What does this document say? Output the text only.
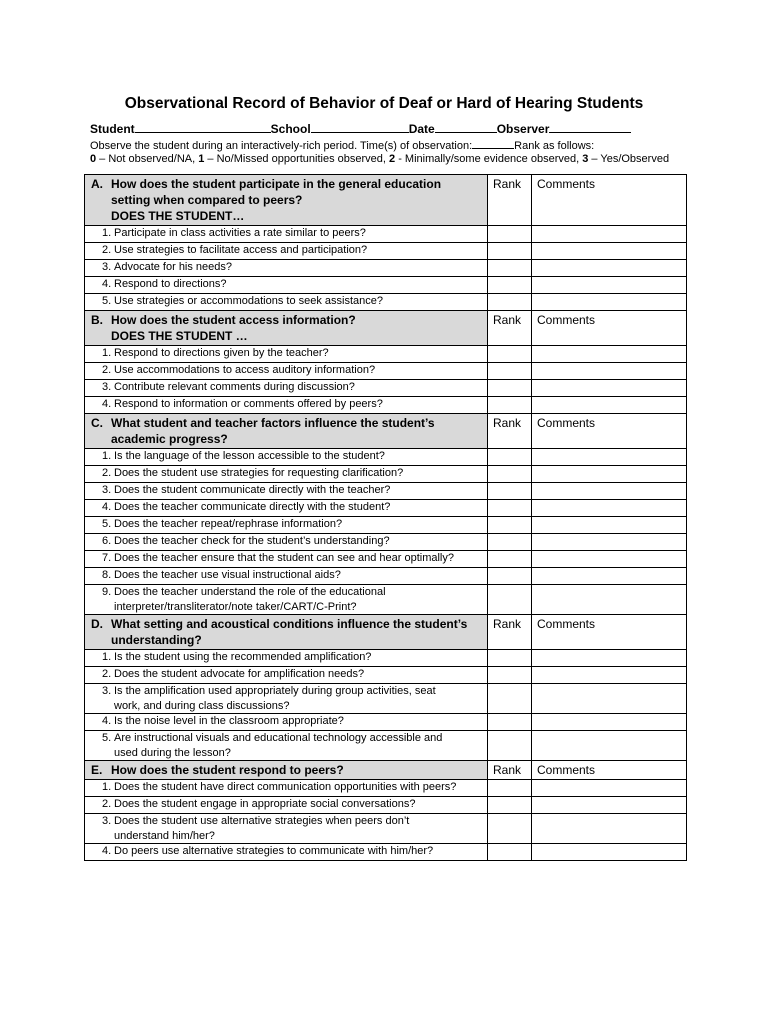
Observational Record of Behavior of Deaf or Hard of Hearing Students
Student	School	Date	Observer
Observe the student during an interactively-rich period. Time(s) of observation:	Rank as follows:
0 – Not observed/NA, 1 – No/Missed opportunities observed, 2 - Minimally/some evidence observed, 3 – Yes/Observed
A. How does the student participate in the general education
setting when compared to peers?
DOES THE STUDENT…	Rank	Comments
1. Participate in class activities a rate similar to peers?		
2. Use strategies to facilitate access and participation?		
3. Advocate for his needs?		
4. Respond to directions?		
5. Use strategies or accommodations to seek assistance?		

B. How does the student access information?
DOES THE STUDENT …	Rank	Comments
1. Respond to directions given by the teacher?		
2. Use accommodations to access auditory information?		
3. Contribute relevant comments during discussion?		
4. Respond to information or comments offered by peers?		

C. What student and teacher factors influence the student’s
academic progress?	Rank	Comments
1. Is the language of the lesson accessible to the student?		
2. Does the student use strategies for requesting clarification?		
3. Does the student communicate directly with the teacher?		
4. Does the teacher communicate directly with the student?		
5. Does the teacher repeat/rephrase information?		
6. Does the teacher check for the student’s understanding?		
7. Does the teacher ensure that the student can see and hear optimally?		
8. Does the teacher use visual instructional aids?		
9. Does the teacher understand the role of the educational
interpreter/transliterator/note taker/CART/C-Print?		

D. What setting and acoustical conditions influence the student’s
understanding?	Rank	Comments
1. Is the student using the recommended amplification?		
2. Does the student advocate for amplification needs?		
3. Is the amplification used appropriately during group activities, seat
work, and during class discussions?		

4. Is the noise level in the classroom appropriate?		
5. Are instructional visuals and educational technology accessible and
used during the lesson?		

E. How does the student respond to peers?	Rank	Comments
1. Does the student have direct communication opportunities with peers?		
2. Does the student engage in appropriate social conversations?		
3. Does the student use alternative strategies when peers don’t
understand him/her?		

4. Do peers use alternative strategies to communicate with him/her?		
